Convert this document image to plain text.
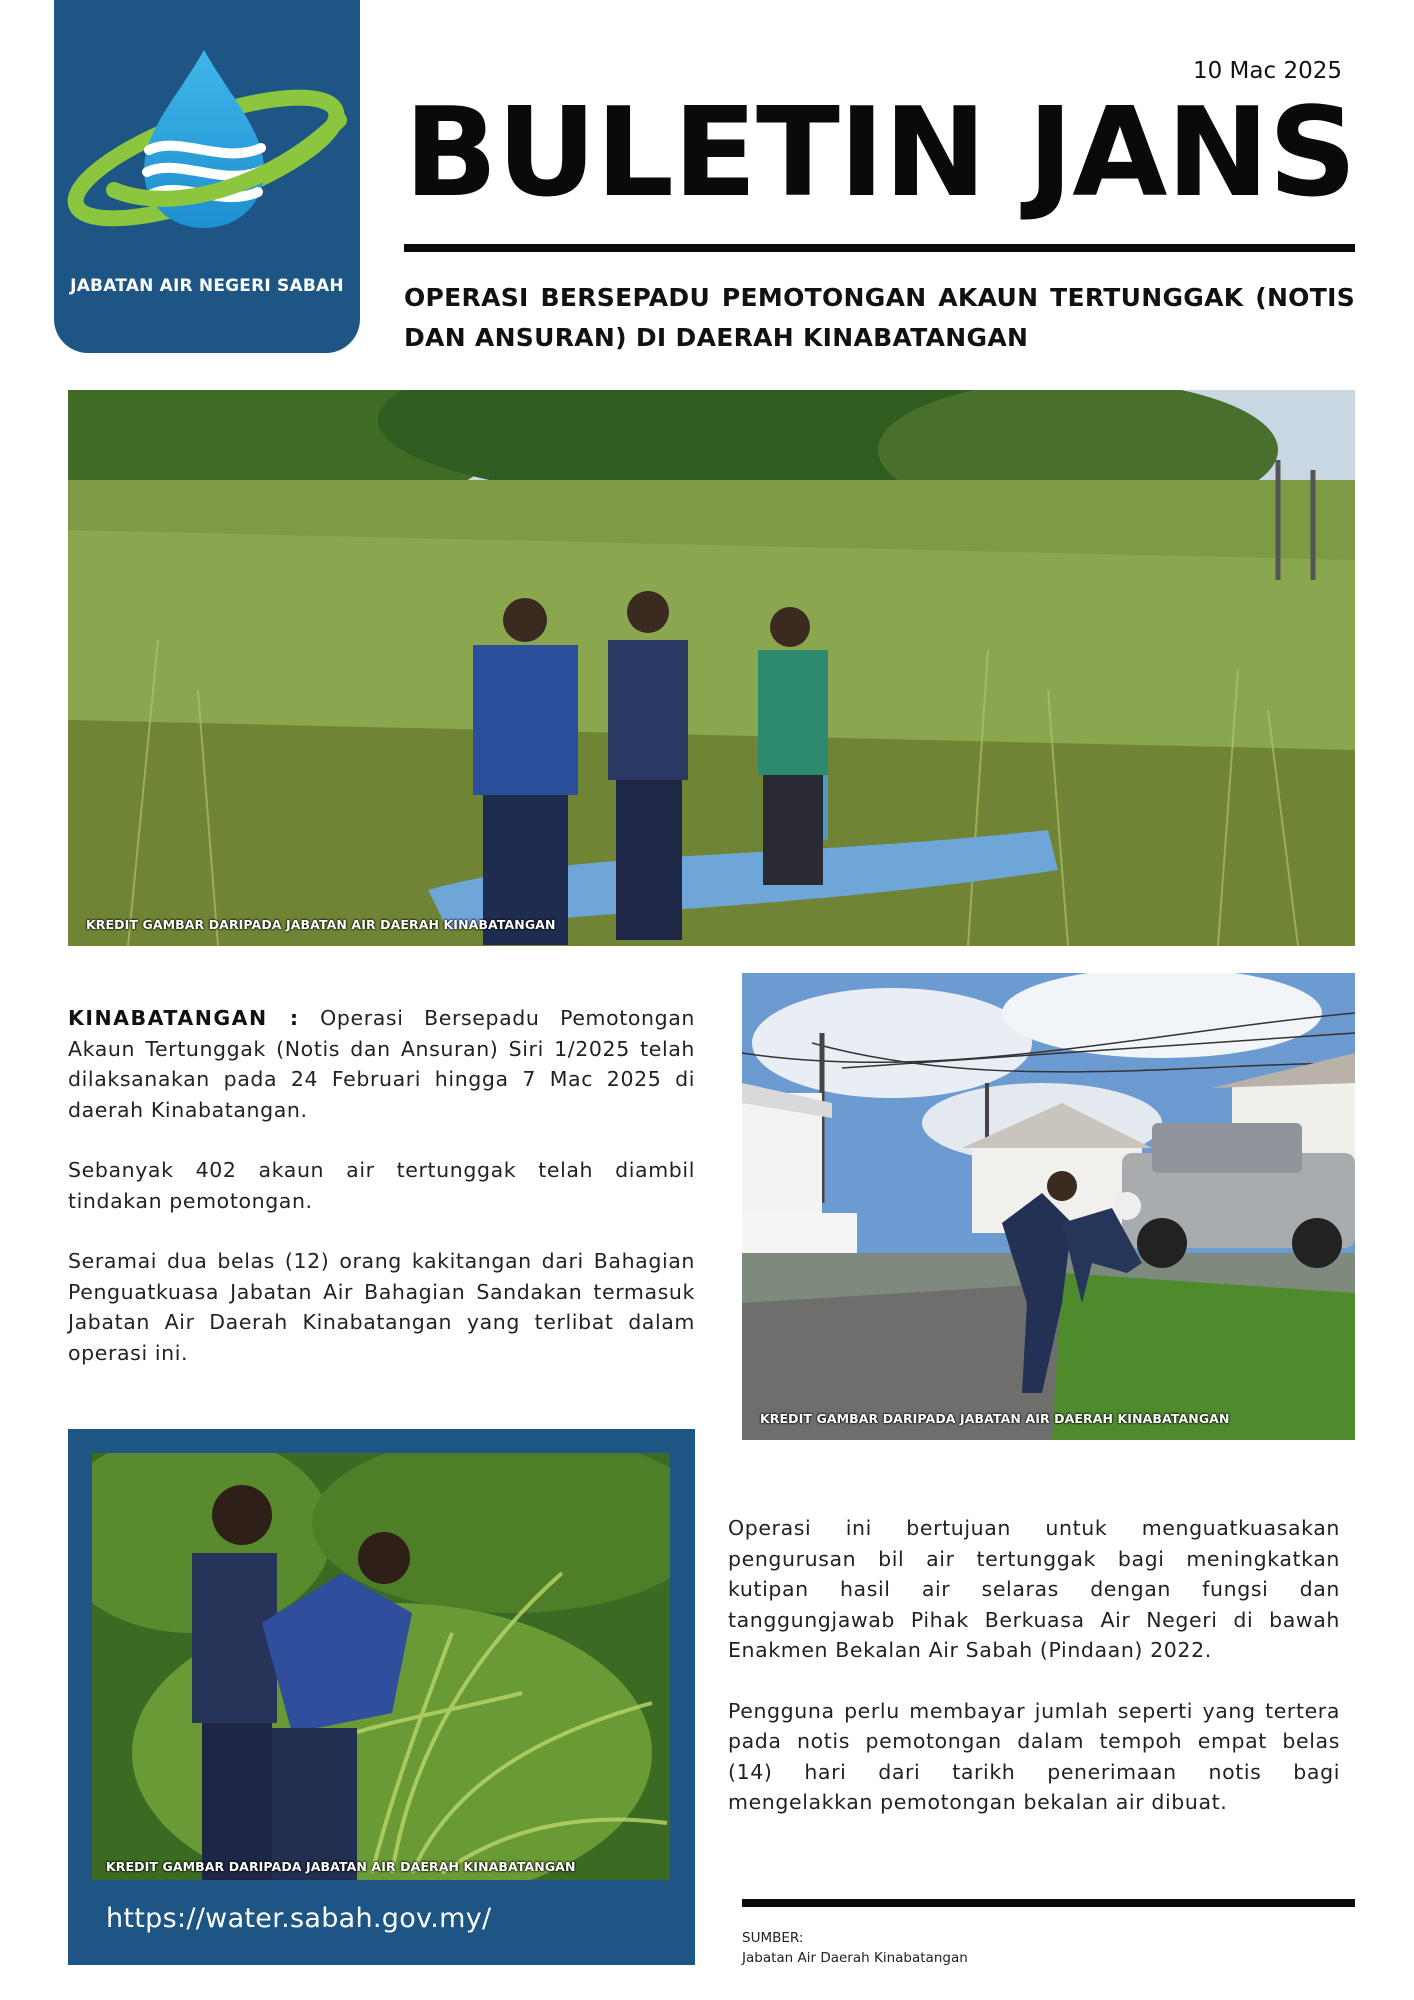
JABATAN AIR NEGERI SABAH
10 Mac 2025
BULETIN JANS
OPERASI BERSEPADU PEMOTONGAN AKAUN TERTUNGGAK (NOTIS DAN ANSURAN) DI DAERAH KINABATANGAN
KREDIT GAMBAR DARIPADA JABATAN AIR DAERAH KINABATANGAN

KINABATANGAN : Operasi Bersepadu Pemotongan Akaun Tertunggak (Notis dan Ansuran) Siri 1/2025 telah dilaksanakan pada 24 Februari hingga 7 Mac 2025 di daerah Kinabatangan.

Sebanyak 402 akaun air tertunggak telah diambil tindakan pemotongan.

Seramai dua belas (12) orang kakitangan dari Bahagian Penguatkuasa Jabatan Air Bahagian Sandakan termasuk Jabatan Air Daerah Kinabatangan yang terlibat dalam operasi ini.

KREDIT GAMBAR DARIPADA JABATAN AIR DAERAH KINABATANGAN
KREDIT GAMBAR DARIPADA JABATAN AIR DAERAH KINABATANGAN
https://water.sabah.gov.my/

Operasi ini bertujuan untuk menguatkuasakan pengurusan bil air tertunggak bagi meningkatkan kutipan hasil air selaras dengan fungsi dan tanggungjawab Pihak Berkuasa Air Negeri di bawah Enakmen Bekalan Air Sabah (Pindaan) 2022.

Pengguna perlu membayar jumlah seperti yang tertera pada notis pemotongan dalam tempoh empat belas (14) hari dari tarikh penerimaan notis bagi mengelakkan pemotongan bekalan air dibuat.

SUMBER:
Jabatan Air Daerah Kinabatangan
